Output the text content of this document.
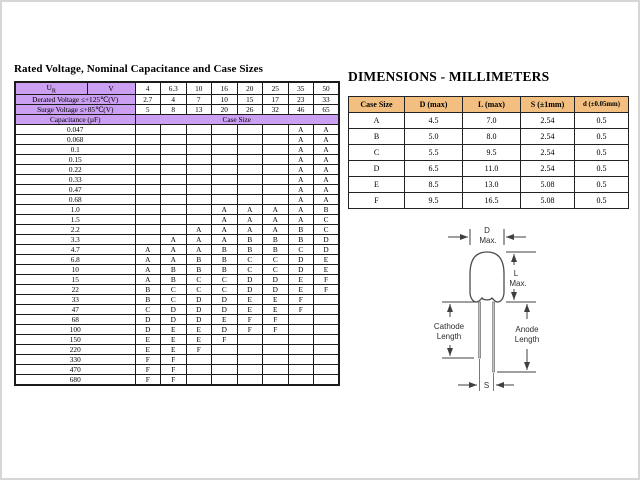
Rated Voltage, Nominal Capacitance and Case Sizes
$U_R$	V	4	6.3	10	16	20	25	35	50
Derated Voltage ≤+125℃(V)		2.7	4	7	10	15	17	23	33
Surge Voltage ≤+85℃(V)		5	8	13	20	26	32	46	65
Capacitance (µF)		Case Size							
0.047								A	A
0.068								A	A
0.1								A	A
0.15								A	A
0.22								A	A
0.33								A	A
0.47								A	A
0.68								A	A
1.0					A	A	A	A	B
1.5					A	A	A	A	C
2.2				A	A	A	A	B	C
3.3			A	A	A	B	B	B	D
4.7		A	A	A	B	B	B	C	D
6.8		A	A	B	B	C	C	D	E
10		A	B	B	B	C	C	D	E
15		A	B	C	C	D	D	E	F
22		B	C	C	C	D	D	E	F
33		B	C	D	D	E	E	F	
47		C	D	D	D	E	E	F	
68		D	D	D	E	F	F		
100		D	E	E	D	F	F		
150		E	E	E	F				
220		E	E	F					
330		F	F						
470		F	F						
680		F	F						
DIMENSIONS - MILLIMETERS
Case Size	D (max)	L (max)	S (±1mm)	d (±0.05mm)
A	4.5	7.0	2.54	0.5
B	5.0	8.0	2.54	0.5
C	5.5	9.5	2.54	0.5
D	6.5	11.0	2.54	0.5
E	8.5	13.0	5.08	0.5
F	9.5	16.5	5.08	0.5
D
Max.
L
Max.
Cathode
Length
Anode
Length
S
